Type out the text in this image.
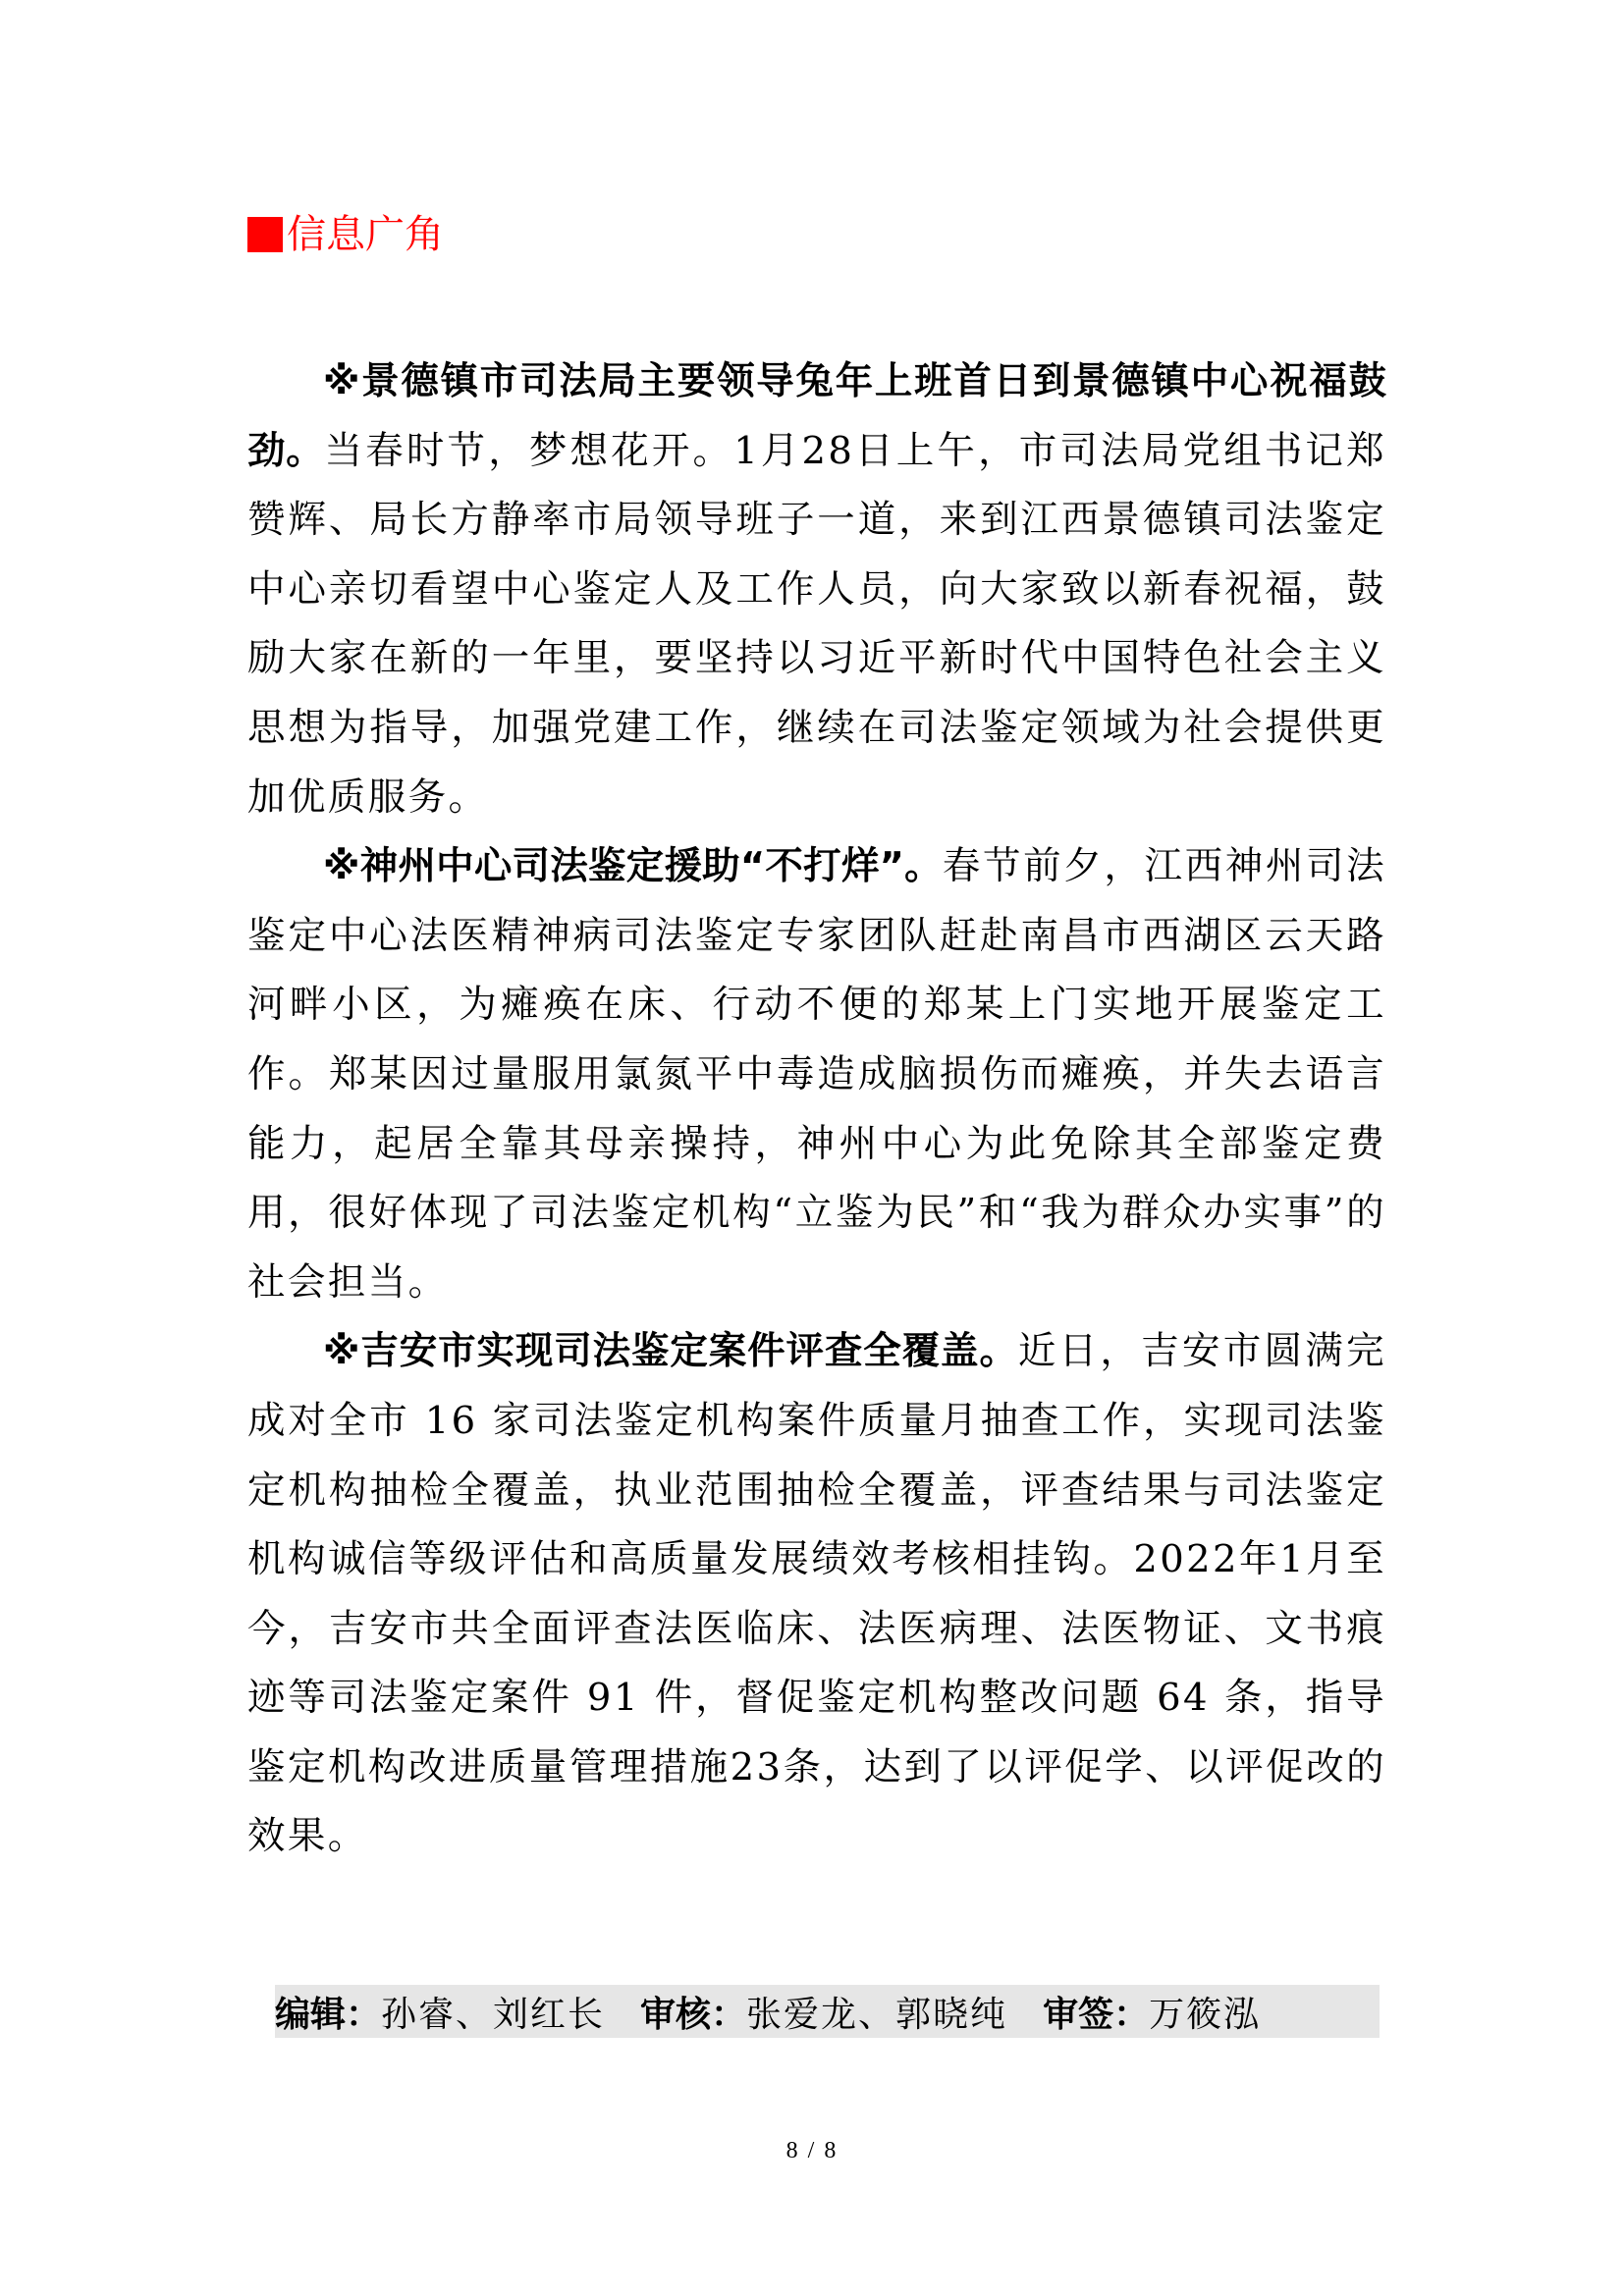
信息广角

※景德镇市司法局主要领导兔年上班首日到景德镇中心祝福鼓劲。当春时节，梦想花开。1月28日上午，市司法局党组书记郑赞辉、局长方静率市局领导班子一道，来到江西景德镇司法鉴定中心亲切看望中心鉴定人及工作人员，向大家致以新春祝福，鼓励大家在新的一年里，要坚持以习近平新时代中国特色社会主义思想为指导，加强党建工作，继续在司法鉴定领域为社会提供更加优质服务。

※神州中心司法鉴定援助“不打烊”。春节前夕，江西神州司法鉴定中心法医精神病司法鉴定专家团队赶赴南昌市西湖区云天路河畔小区，为瘫痪在床、行动不便的郑某上门实地开展鉴定工作。郑某因过量服用氯氮平中毒造成脑损伤而瘫痪，并失去语言能力，起居全靠其母亲操持，神州中心为此免除其全部鉴定费用，很好体现了司法鉴定机构“立鉴为民”和“我为群众办实事”的社会担当。

※吉安市实现司法鉴定案件评查全覆盖。近日，吉安市圆满完成对全市 16 家司法鉴定机构案件质量月抽查工作，实现司法鉴定机构抽检全覆盖，执业范围抽检全覆盖，评查结果与司法鉴定机构诚信等级评估和高质量发展绩效考核相挂钩。2022年1月至今，吉安市共全面评查法医临床、法医病理、法医物证、文书痕迹等司法鉴定案件 91 件，督促鉴定机构整改问题 64 条，指导鉴定机构改进质量管理措施23条，达到了以评促学、以评促改的效果。

编辑： 孙睿、刘红长 审核： 张爱龙、郭晓纯 审签： 万筱泓
8 / 8
